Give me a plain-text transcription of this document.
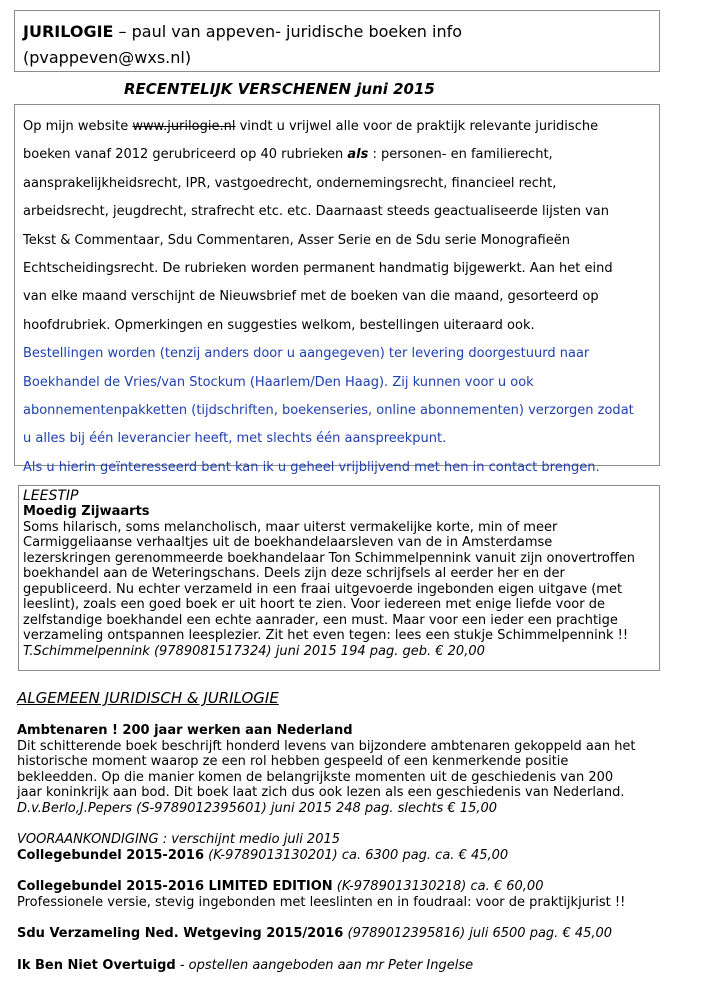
JURILOGIE – paul van appeven- juridische boeken info
(pvappeven@wxs.nl)
RECENTELIJK VERSCHENEN juni 2015
Op mijn website www.jurilogie.nl vindt u vrijwel alle voor de praktijk relevante juridische
boeken vanaf 2012 gerubriceerd op 40 rubrieken als : personen- en familierecht,
aansprakelijkheidsrecht, IPR, vastgoedrecht, ondernemingsrecht, financieel recht,
arbeidsrecht, jeugdrecht, strafrecht etc. etc. Daarnaast steeds geactualiseerde lijsten van
Tekst & Commentaar, Sdu Commentaren, Asser Serie en de Sdu serie Monografieën
Echtscheidingsrecht. De rubrieken worden permanent handmatig bijgewerkt. Aan het eind
van elke maand verschijnt de Nieuwsbrief met de boeken van die maand, gesorteerd op
hoofdrubriek. Opmerkingen en suggesties welkom, bestellingen uiteraard ook.
Bestellingen worden (tenzij anders door u aangegeven) ter levering doorgestuurd naar
Boekhandel de Vries/van Stockum (Haarlem/Den Haag). Zij kunnen voor u ook
abonnementenpakketten (tijdschriften, boekenseries, online abonnementen) verzorgen zodat
u alles bij één leverancier heeft, met slechts één aanspreekpunt.
Als u hierin geïnteresseerd bent kan ik u geheel vrijblijvend met hen in contact brengen.
LEESTIP
Moedig Zijwaarts
Soms hilarisch, soms melancholisch, maar uiterst vermakelijke korte, min of meer
Carmiggeliaanse verhaaltjes uit de boekhandelaarsleven van de in Amsterdamse
lezerskringen gerenommeerde boekhandelaar Ton Schimmelpennink vanuit zijn onovertroffen
boekhandel aan de Weteringschans. Deels zijn deze schrijfsels al eerder her en der
gepubliceerd. Nu echter verzameld in een fraai uitgevoerde ingebonden eigen uitgave (met
leeslint), zoals een goed boek er uit hoort te zien. Voor iedereen met enige liefde voor de
zelfstandige boekhandel een echte aanrader, een must. Maar voor een ieder een prachtige
verzameling ontspannen leesplezier. Zit het even tegen: lees een stukje Schimmelpennink !!
T.Schimmelpennink (9789081517324) juni 2015 194 pag. geb. € 20,00
ALGEMEEN JURIDISCH & JURILOGIE
Ambtenaren ! 200 jaar werken aan Nederland
Dit schitterende boek beschrijft honderd levens van bijzondere ambtenaren gekoppeld aan het
historische moment waarop ze een rol hebben gespeeld of een kenmerkende positie
bekleedden. Op die manier komen de belangrijkste momenten uit de geschiedenis van 200
jaar koninkrijk aan bod. Dit boek laat zich dus ook lezen als een geschiedenis van Nederland.
D.v.Berlo,J.Pepers (S-9789012395601) juni 2015 248 pag. slechts € 15,00
VOORAANKONDIGING : verschijnt medio juli 2015
Collegebundel 2015-2016 (K-9789013130201) ca. 6300 pag. ca. € 45,00
Collegebundel 2015-2016 LIMITED EDITION (K-9789013130218) ca. € 60,00
Professionele versie, stevig ingebonden met leeslinten en in foudraal: voor de praktijkjurist !!
Sdu Verzameling Ned. Wetgeving 2015/2016 (9789012395816) juli 6500 pag. € 45,00
Ik Ben Niet Overtuigd - opstellen aangeboden aan mr Peter Ingelse
